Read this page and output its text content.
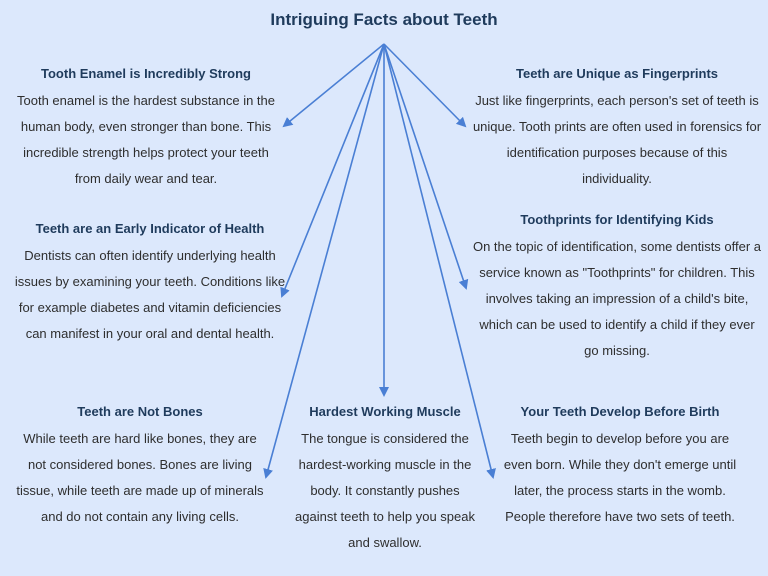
Intriguing Facts about Teeth
Tooth Enamel is Incredibly Strong

Tooth enamel is the hardest substance in the human body, even stronger than bone. This incredible strength helps protect your teeth from daily wear and tear.

Teeth are Unique as Fingerprints

Just like fingerprints, each person's set of teeth is unique. Tooth prints are often used in forensics for identification purposes because of this individuality.

Teeth are an Early Indicator of Health

Dentists can often identify underlying health issues by examining your teeth. Conditions like for example diabetes and vitamin deficiencies can manifest in your oral and dental health.

Toothprints for Identifying Kids

On the topic of identification, some dentists offer a service known as "Toothprints" for children. This involves taking an impression of a child's bite, which can be used to identify a child if they ever go missing.

Teeth are Not Bones

While teeth are hard like bones, they are not considered bones. Bones are living tissue, while teeth are made up of minerals and do not contain any living cells.

Hardest Working Muscle

The tongue is considered the hardest-working muscle in the body. It constantly pushes against teeth to help you speak and swallow.

Your Teeth Develop Before Birth

Teeth begin to develop before you are even born. While they don't emerge until later, the process starts in the womb. People therefore have two sets of teeth.
